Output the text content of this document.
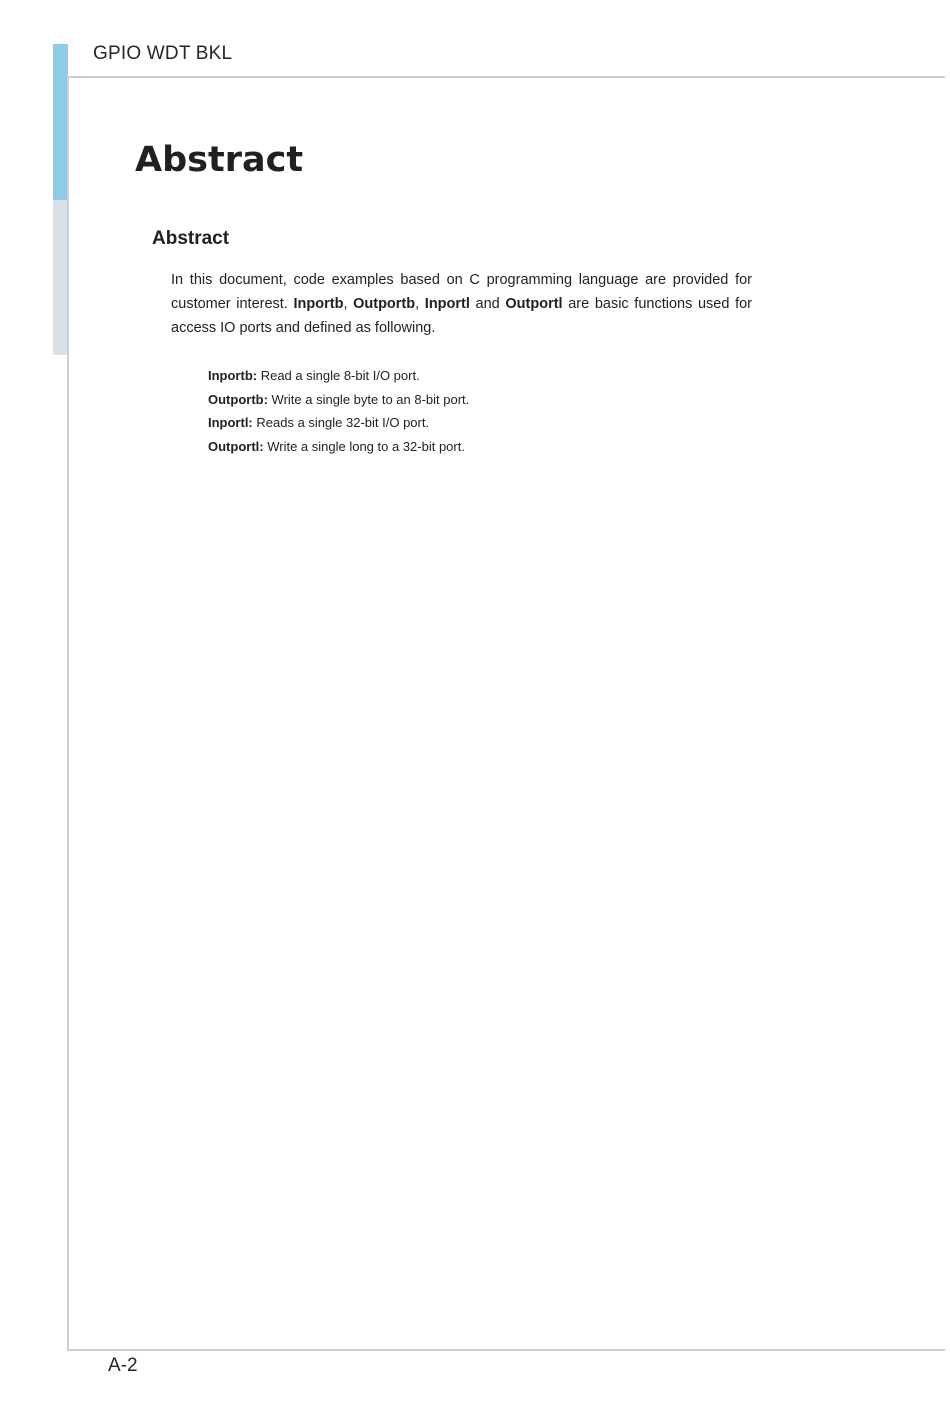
GPIO WDT BKL
Abstract
Abstract

In this document, code examples based on C programming language are provided for customer interest. Inportb, Outportb, Inportl and Outportl are basic functions used for access IO ports and defined as following.

Inportb: Read a single 8-bit I/O port.
Outportb: Write a single byte to an 8-bit port.
Inportl: Reads a single 32-bit I/O port.
Outportl: Write a single long to a 32-bit port.
A-2
